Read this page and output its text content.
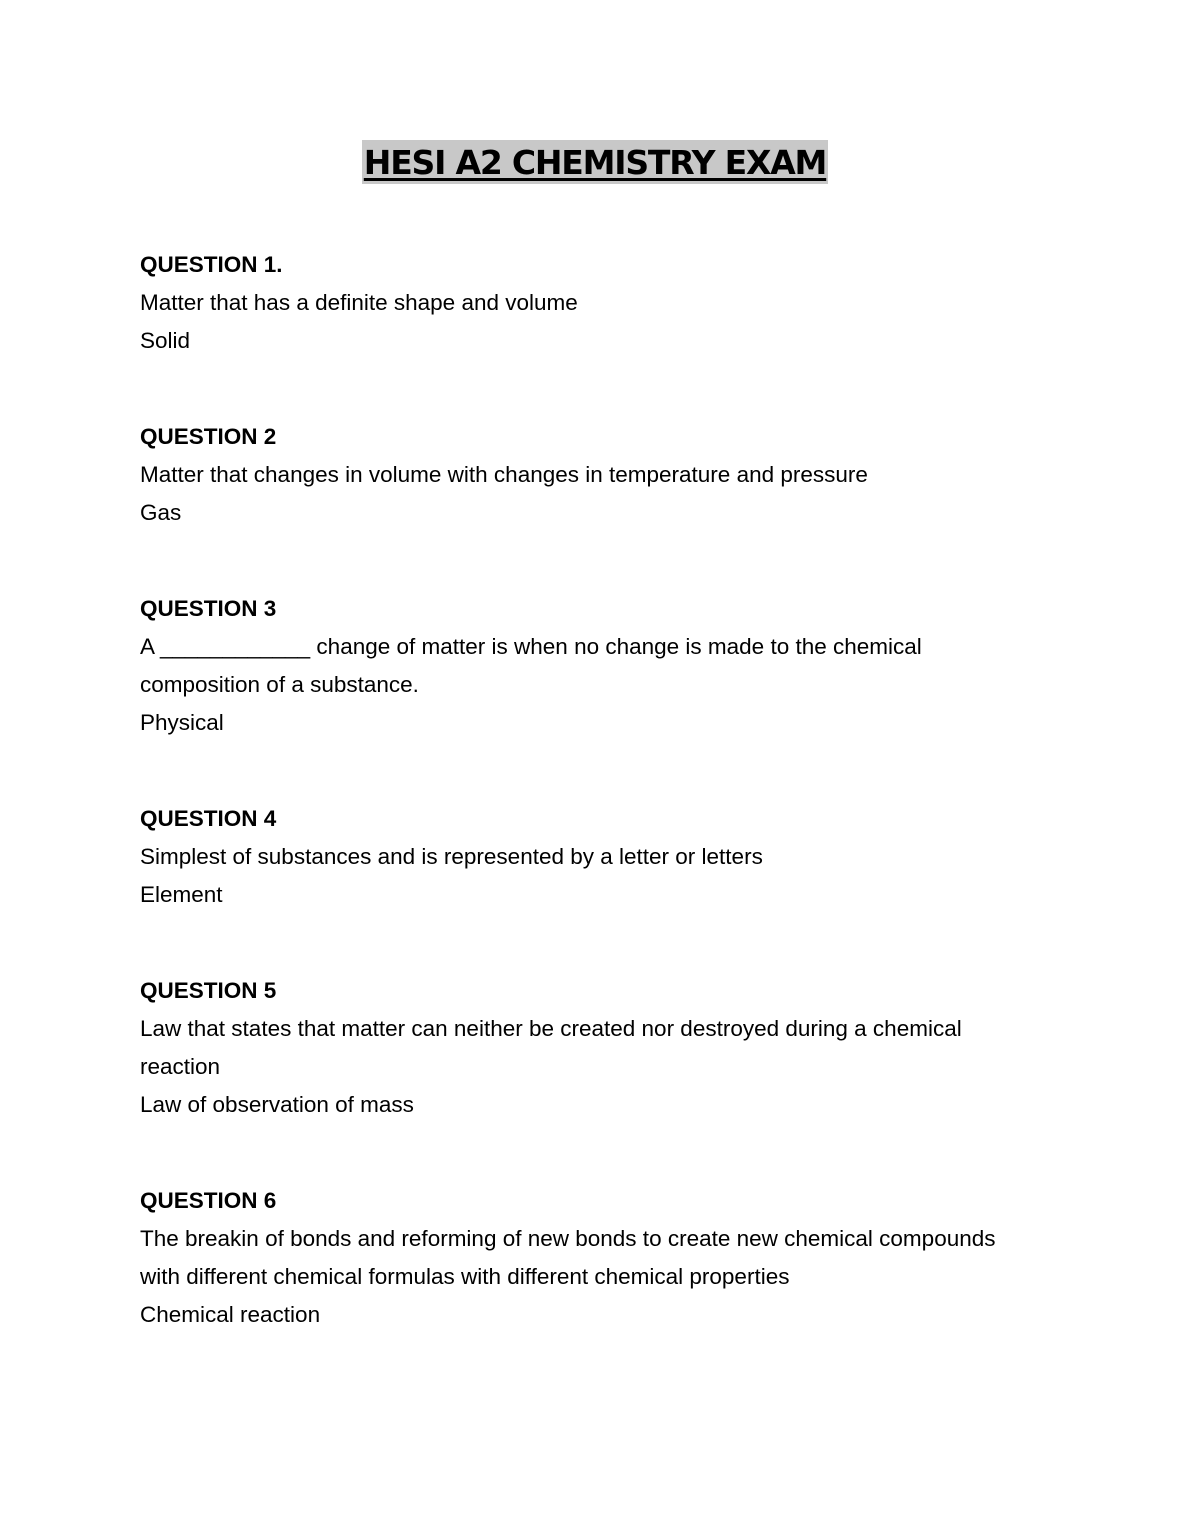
HESI A2 CHEMISTRY EXAM
QUESTION 1.
Matter that has a definite shape and volume
Solid
QUESTION 2
Matter that changes in volume with changes in temperature and pressure
Gas
QUESTION 3
A ____________ change of matter is when no change is made to the chemical composition of a substance.
Physical
QUESTION 4
Simplest of substances and is represented by a letter or letters
Element
QUESTION 5
Law that states that matter can neither be created nor destroyed during a chemical reaction
Law of observation of mass
QUESTION 6
The breakin of bonds and reforming of new bonds to create new chemical compounds with different chemical formulas with different chemical properties
Chemical reaction
